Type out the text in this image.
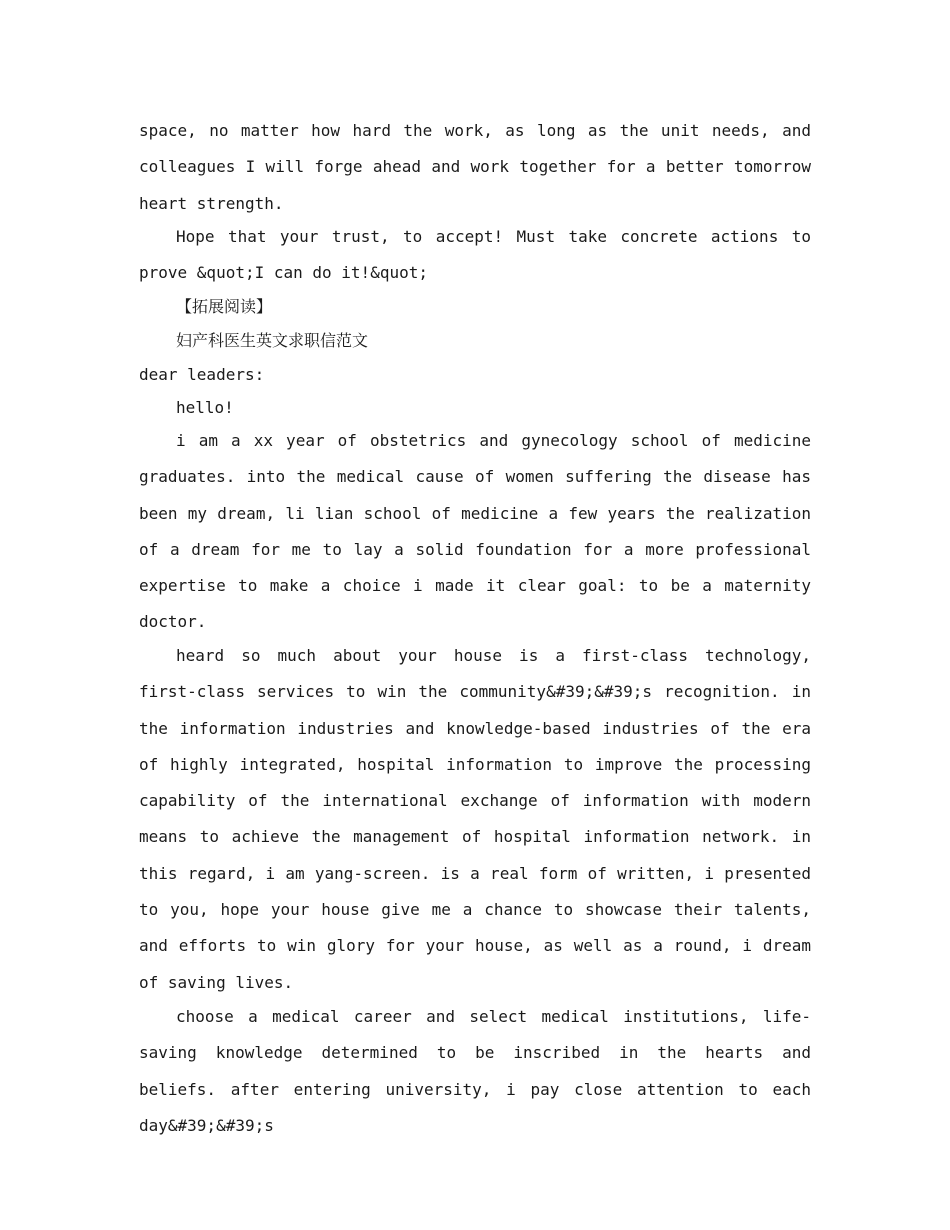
space, no matter how hard the work, as long as the unit needs, and colleagues I will forge ahead and work together for a better tomorrow heart strength.

Hope that your trust, to accept! Must take concrete actions to prove &quot;I can do it!&quot;

【拓展阅读】

妇产科医生英文求职信范文

dear leaders:

hello!

i am a xx year of obstetrics and gynecology school of medicine graduates. into the medical cause of women suffering the disease has been my dream, li lian school of medicine a few years the realization of a dream for me to lay a solid foundation for a more professional expertise to make a choice i made it clear goal: to be a maternity doctor.

heard so much about your house is a first-class technology, first-class services to win the community&#39;&#39;s recognition. in the information industries and knowledge-based industries of the era of highly integrated, hospital information to improve the processing capability of the international exchange of information with modern means to achieve the management of hospital information network. in this regard, i am yang-screen. is a real form of written, i presented to you, hope your house give me a chance to showcase their talents, and efforts to win glory for your house, as well as a round, i dream of saving lives.

choose a medical career and select medical institutions, life-saving knowledge determined to be inscribed in the hearts and beliefs. after entering university, i pay close attention to each day&#39;&#39;s
